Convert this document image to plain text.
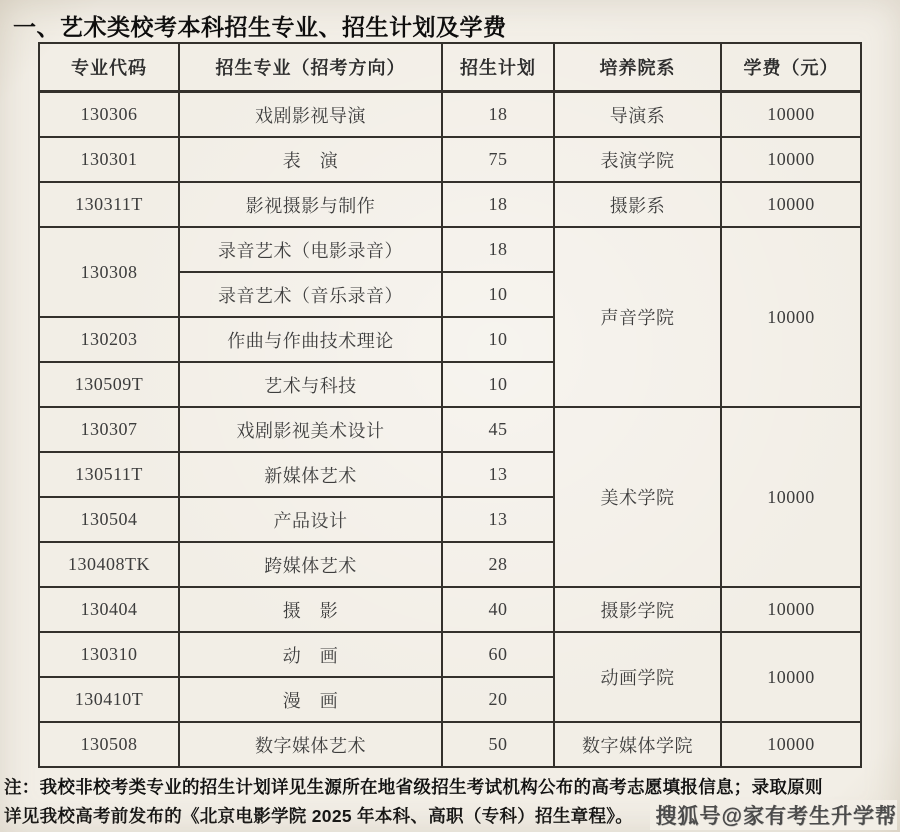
一、艺术类校考本科招生专业、招生计划及学费
专业代码	招生专业（招考方向）	招生计划	培养院系	学费（元）
130306	戏剧影视导演	18	导演系	10000
130301	表　演	75	表演学院	10000
130311T	影视摄影与制作	18	摄影系	10000
130308	录音艺术（电影录音）	18	声音学院	10000
	录音艺术（音乐录音）	10		
130203	作曲与作曲技术理论	10		
130509T	艺术与科技	10		
130307	戏剧影视美术设计	45	美术学院	10000
130511T	新媒体艺术	13		
130504	产品设计	13		
130408TK	跨媒体艺术	28		
130404	摄　影	40	摄影学院	10000
130310	动　画	60	动画学院	10000
130410T	漫　画	20		
130508	数字媒体艺术	50	数字媒体学院	10000

注：我校非校考类专业的招生计划详见生源所在地省级招生考试机构公布的高考志愿填报信息；录取原则

详见我校高考前发布的《北京电影学院 2025 年本科、高职（专科）招生章程》。	搜狐号@家有考生升学帮
